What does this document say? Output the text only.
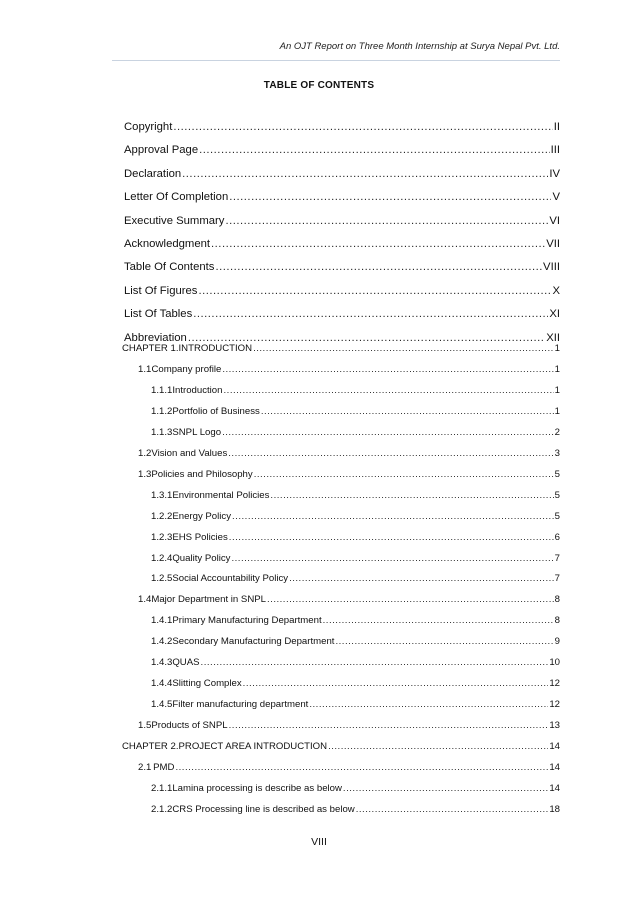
An OJT Report on Three Month Internship at Surya Nepal Pvt. Ltd.
TABLE OF CONTENTS
Copyright .....	II
Approval Page .....	III
Declaration .....	IV
Letter Of Completion .....	V
Executive Summary .....	VI
Acknowledgment .....	VII
Table Of Contents .....	VIII
List Of Figures .....	X
List Of Tables .....	XI
Abbreviation .....	XII
CHAPTER 1. INTRODUCTION .....	1
1.1 Company profile .....	1
1.1.1 Introduction .....	1
1.1.2 Portfolio of Business .....	1
1.1.3 SNPL Logo .....	2
1.2 Vision and Values .....	3
1.3 Policies and Philosophy .....	5
1.3.1 Environmental Policies .....	5
1.2.2 Energy Policy .....	5
1.2.3 EHS Policies .....	6
1.2.4 Quality Policy .....	7
1.2.5 Social Accountability Policy .....	7
1.4 Major Department in SNPL .....	8
1.4.1 Primary Manufacturing Department .....	8
1.4.2 Secondary Manufacturing Department .....	9
1.4.3 QUAS .....	10
1.4.4 Slitting Complex .....	12
1.4.5 Filter manufacturing department .....	12
1.5 Products of SNPL .....	13
CHAPTER 2. PROJECT AREA INTRODUCTION .....	14
2.1 PMD .....	14
2.1.1 Lamina processing is describe as below .....	14
2.1.2 CRS Processing line is described as below .....	18
VIII
